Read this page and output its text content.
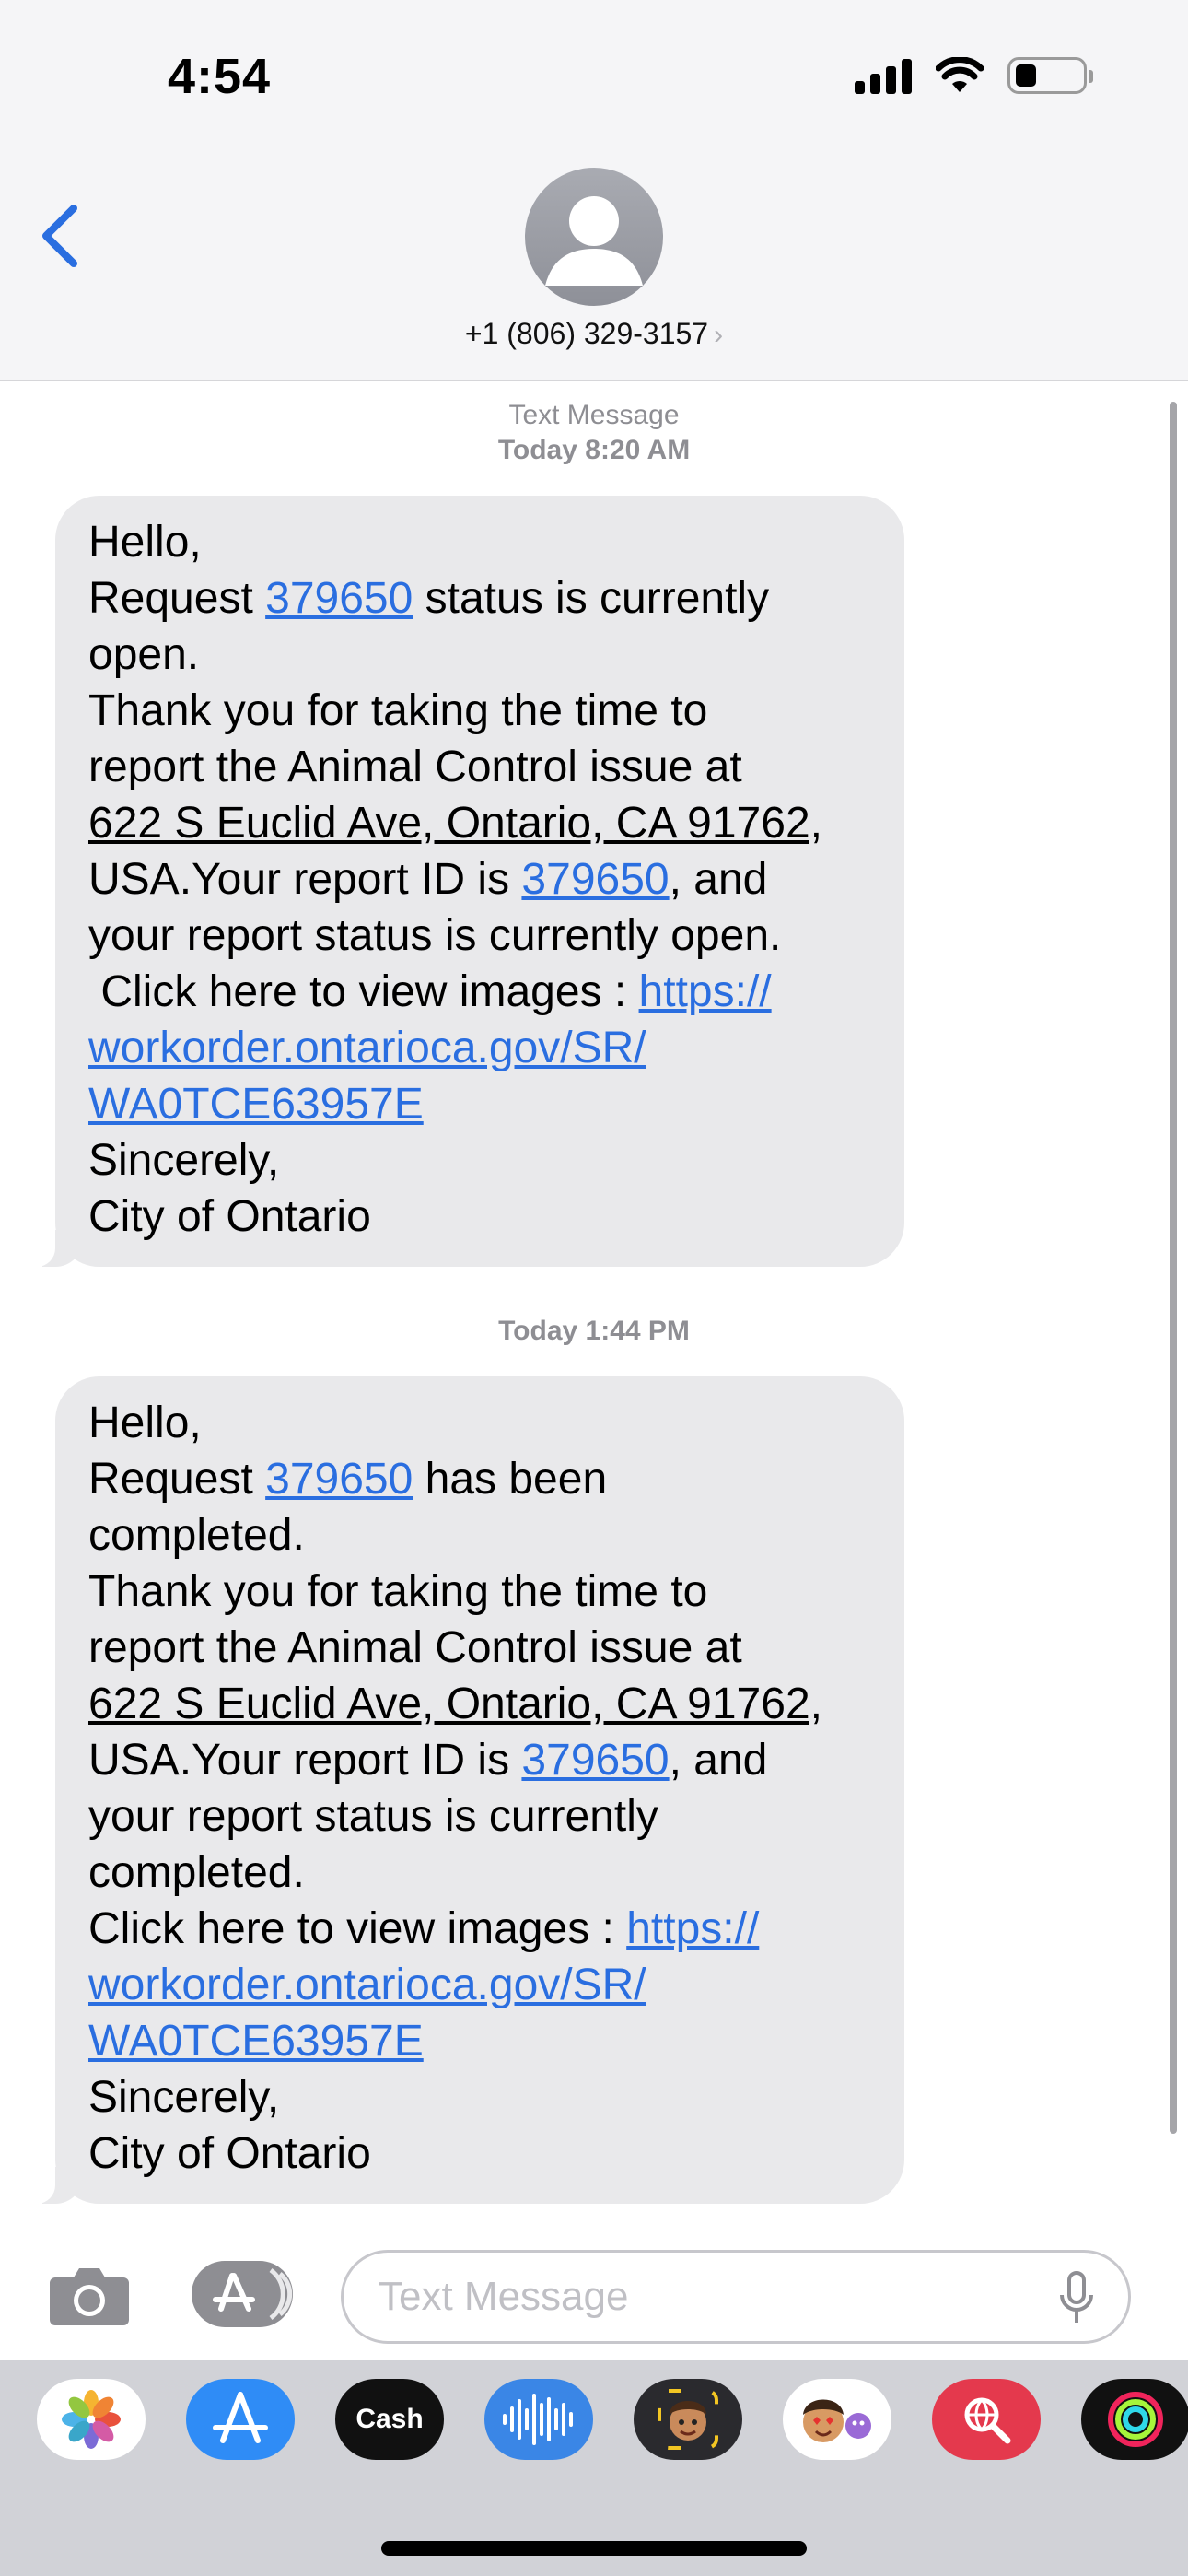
4:54
+1 (806) 329-3157 ›
Text Message
Today 8:20 AM
Hello,
Request 379650 status is currently
open.
Thank you for taking the time to
report the Animal Control issue at
622 S Euclid Ave, Ontario, CA 91762,
USA.Your report ID is 379650, and
your report status is currently open.
Click here to view images : https://
workorder.ontarioca.gov/SR/
WA0TCE63957E
Sincerely,
City of Ontario
Today 1:44 PM
Hello,
Request 379650 has been
completed.
Thank you for taking the time to
report the Animal Control issue at
622 S Euclid Ave, Ontario, CA 91762,
USA.Your report ID is 379650, and
your report status is currently
completed.
Click here to view images : https://
workorder.ontarioca.gov/SR/
WA0TCE63957E
Sincerely,
City of Ontario
Text Message
Cash
